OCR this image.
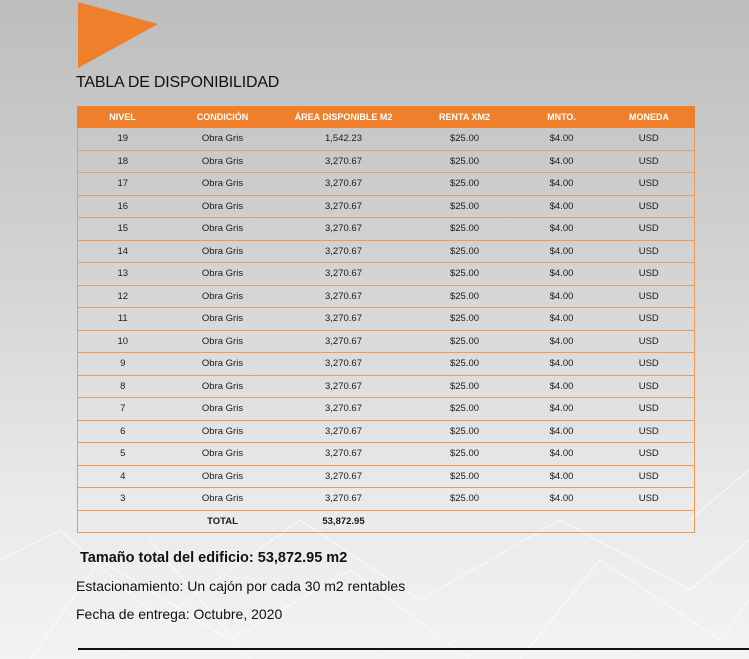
TABLA DE DISPONIBILIDAD
NIVEL	CONDICIÓN	ÁREA DISPONIBLE M2	RENTA XM2	MNTO.	MONEDA
19	Obra Gris	1,542.23	$25.00	$4.00	USD
18	Obra Gris	3,270.67	$25.00	$4.00	USD
17	Obra Gris	3,270.67	$25.00	$4.00	USD
16	Obra Gris	3,270.67	$25.00	$4.00	USD
15	Obra Gris	3,270.67	$25.00	$4.00	USD
14	Obra Gris	3,270.67	$25.00	$4.00	USD
13	Obra Gris	3,270.67	$25.00	$4.00	USD
12	Obra Gris	3,270.67	$25.00	$4.00	USD
11	Obra Gris	3,270.67	$25.00	$4.00	USD
10	Obra Gris	3,270.67	$25.00	$4.00	USD
9	Obra Gris	3,270.67	$25.00	$4.00	USD
8	Obra Gris	3,270.67	$25.00	$4.00	USD
7	Obra Gris	3,270.67	$25.00	$4.00	USD
6	Obra Gris	3,270.67	$25.00	$4.00	USD
5	Obra Gris	3,270.67	$25.00	$4.00	USD
4	Obra Gris	3,270.67	$25.00	$4.00	USD
3	Obra Gris	3,270.67	$25.00	$4.00	USD
	TOTAL	53,872.95			
Tamaño total del edificio: 53,872.95 m2
Estacionamiento: Un cajón por cada 30 m2 rentables
Fecha de entrega: Octubre, 2020
